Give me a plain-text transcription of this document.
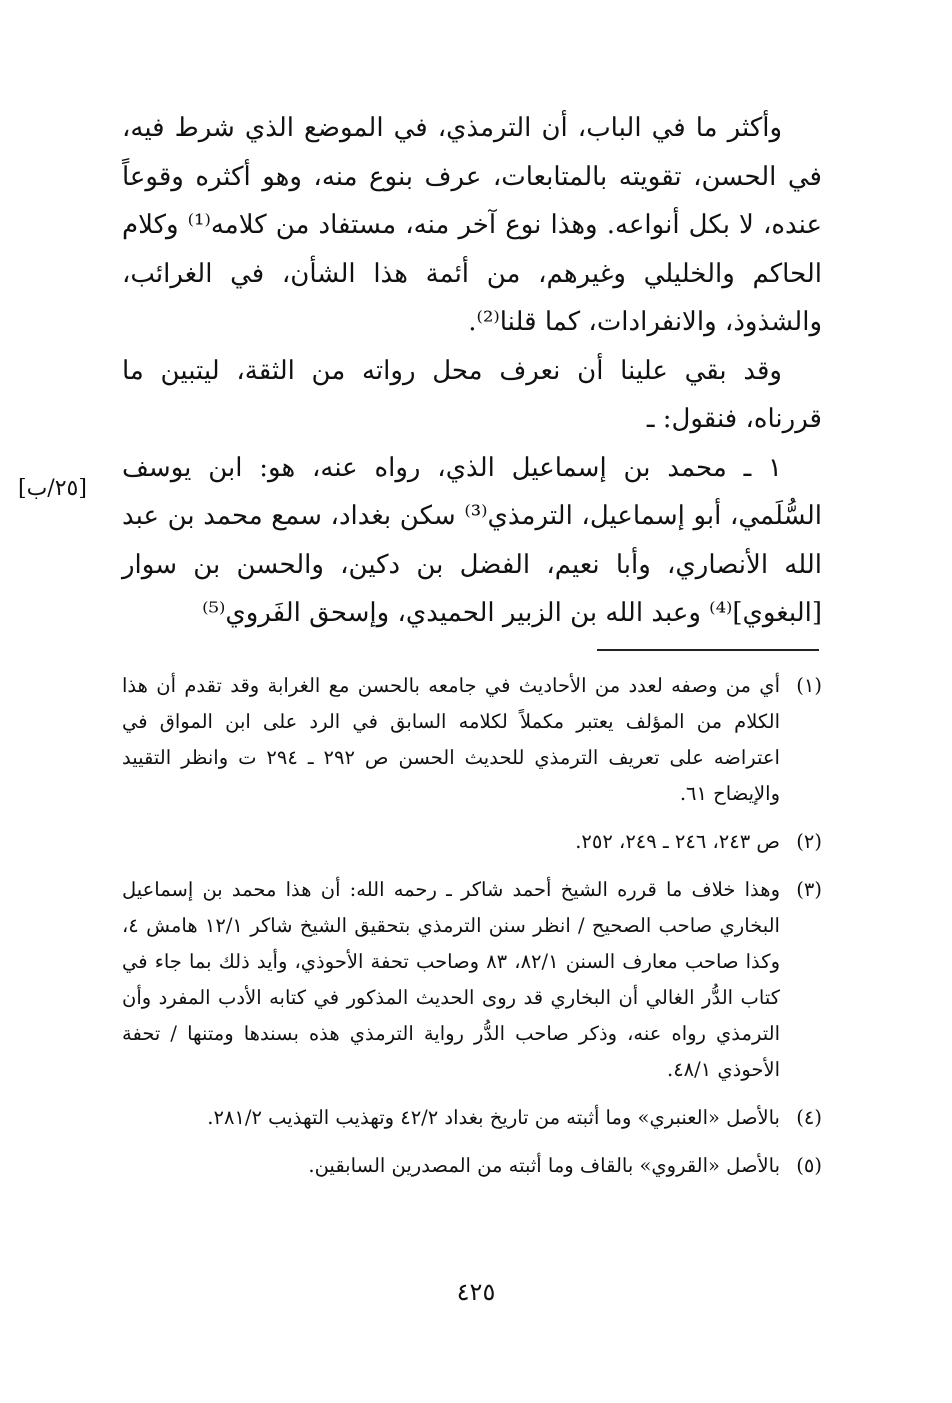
وأكثر ما في الباب، أن الترمذي، في الموضع الذي شرط فيه، في الحسن، تقويته بالمتابعات، عرف بنوع منه، وهو أكثره وقوعاً عنده، لا بكل أنواعه. وهذا نوع آخر منه، مستفاد من كلامه⁽¹⁾ وكلام الحاكم والخليلي وغيرهم، من أئمة هذا الشأن، في الغرائب، والشذوذ، والانفرادات، كما قلنا⁽²⁾.

وقد بقي علينا أن نعرف محل رواته من الثقة، ليتبين ما قررناه، فنقول: ـ

١ ـ محمد بن إسماعيل الذي، رواه عنه، هو: ابن يوسف السُّلَمي، أبو إسماعيل، الترمذي⁽³⁾ سكن بغداد، سمع محمد بن عبد الله الأنصاري، وأبا نعيم، الفضل بن دكين، والحسن بن سوار [البغوي]⁽⁴⁾ وعبد الله بن الزبير الحميدي، وإسحق الفَروي⁽⁵⁾

[٢٥/ب]
(١)
أي من وصفه لعدد من الأحاديث في جامعه بالحسن مع الغرابة وقد تقدم أن هذا الكلام من المؤلف يعتبر مكملاً لكلامه السابق في الرد على ابن المواق في اعتراضه على تعريف الترمذي للحديث الحسن ص ٢٩٢ ـ ٢٩٤ ت وانظر التقييد والإيضاح ٦١.
(٢)
ص ٢٤٣، ٢٤٦ ـ ٢٤٩، ٢٥٢.
(٣)
وهذا خلاف ما قرره الشيخ أحمد شاكر ـ رحمه الله: أن هذا محمد بن إسماعيل البخاري صاحب الصحيح / انظر سنن الترمذي بتحقيق الشيخ شاكر ١٢/١ هامش ٤، وكذا صاحب معارف السنن ٨٢/١، ٨٣ وصاحب تحفة الأحوذي، وأيد ذلك بما جاء في كتاب الدُّر الغالي أن البخاري قد روى الحديث المذكور في كتابه الأدب المفرد وأن الترمذي رواه عنه، وذكر صاحب الدُّر رواية الترمذي هذه بسندها ومتنها / تحفة الأحوذي ٤٨/١.
(٤)
بالأصل «العنبري» وما أثبته من تاريخ بغداد ٤٢/٢ وتهذيب التهذيب ٢٨١/٢.
(٥)
بالأصل «القروي» بالقاف وما أثبته من المصدرين السابقين.
٤٢٥
